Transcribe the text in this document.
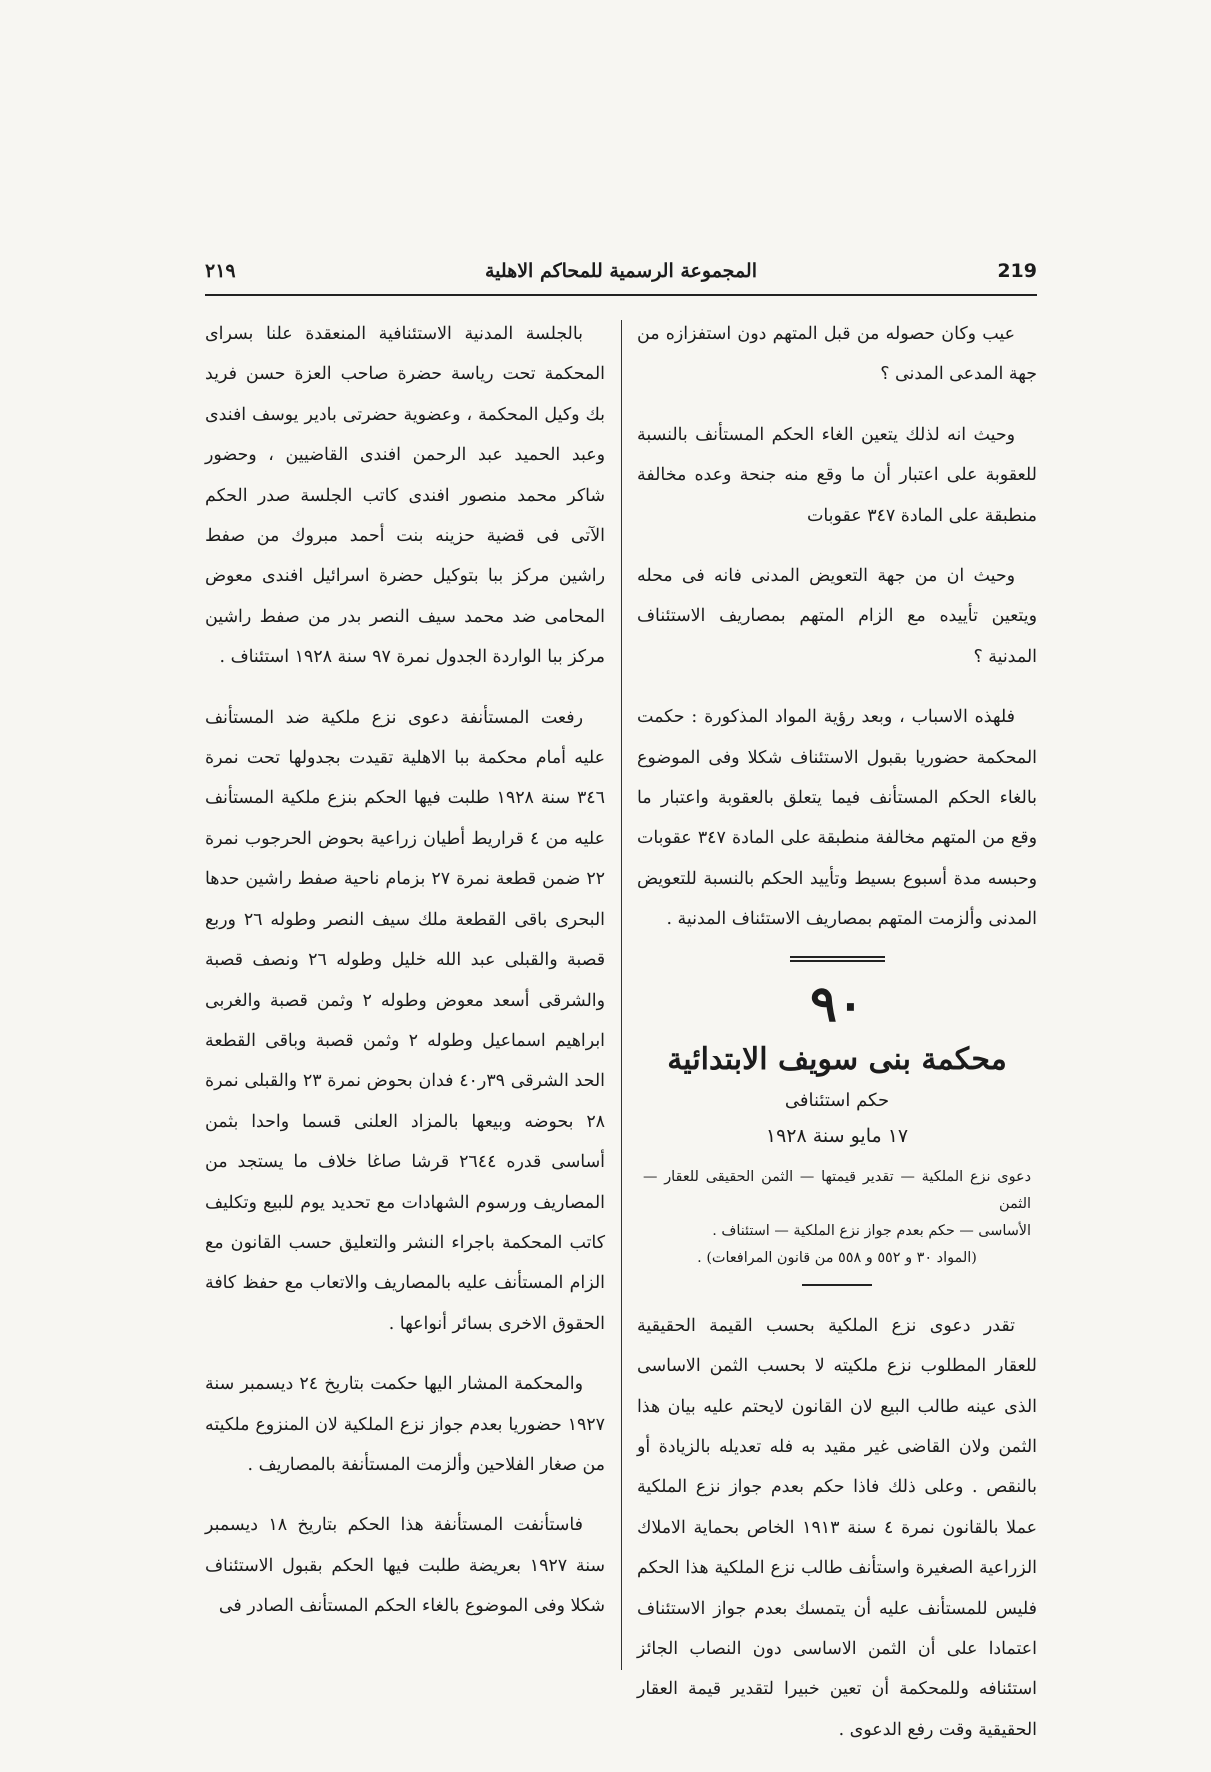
٢١٩	المجموعة الرسمية للمحاكم الاهلية	219

عيب وكان حصوله من قبل المتهم دون استفزازه من جهة المدعى المدنى ؟

وحيث انه لذلك يتعين الغاء الحكم المستأنف بالنسبة للعقوبة على اعتبار أن ما وقع منه جنحة وعده مخالفة منطبقة على المادة ٣٤٧ عقوبات

وحيث ان من جهة التعويض المدنى فانه فى محله ويتعين تأييده مع الزام المتهم بمصاريف الاستئناف المدنية ؟

فلهذه الاسباب ، وبعد رؤية المواد المذكورة : حكمت المحكمة حضوريا بقبول الاستئناف شكلا وفى الموضوع بالغاء الحكم المستأنف فيما يتعلق بالعقوبة واعتبار ما وقع من المتهم مخالفة منطبقة على المادة ٣٤٧ عقوبات وحبسه مدة أسبوع بسيط وتأييد الحكم بالنسبة للتعويض المدنى وألزمت المتهم بمصاريف الاستئناف المدنية .

٩٠
محكمة بنى سويف الابتدائية
حكم استئنافى
١٧ مايو سنة ١٩٢٨
دعوى نزع الملكية — تقدير قيمتها — الثمن الحقيقى للعقار — الثمن
الأساسى — حكم بعدم جواز نزع الملكية — استئناف .
(المواد ٣٠ و ٥٥٢ و ٥٥٨ من قانون المرافعات) .

تقدر دعوى نزع الملكية بحسب القيمة الحقيقية للعقار المطلوب نزع ملكيته لا بحسب الثمن الاساسى الذى عينه طالب البيع لان القانون لايحتم عليه بيان هذا الثمن ولان القاضى غير مقيد به فله تعديله بالزيادة أو بالنقص . وعلى ذلك فاذا حكم بعدم جواز نزع الملكية عملا بالقانون نمرة ٤ سنة ١٩١٣ الخاص بحماية الاملاك الزراعية الصغيرة واستأنف طالب نزع الملكية هذا الحكم فليس للمستأنف عليه أن يتمسك بعدم جواز الاستئناف اعتمادا على أن الثمن الاساسى دون النصاب الجائز استئنافه وللمحكمة أن تعين خبيرا لتقدير قيمة العقار الحقيقية وقت رفع الدعوى .

بالجلسة المدنية الاستئنافية المنعقدة علنا بسراى المحكمة تحت رياسة حضرة صاحب العزة حسن فريد بك وكيل المحكمة ، وعضوية حضرتى بادير يوسف افندى وعبد الحميد عبد الرحمن افندى القاضيين ، وحضور شاكر محمد منصور افندى كاتب الجلسة صدر الحكم الآتى فى قضية حزينه بنت أحمد مبروك من صفط راشين مركز ببا بتوكيل حضرة اسرائيل افندى معوض المحامى ضد محمد سيف النصر بدر من صفط راشين مركز ببا الواردة الجدول نمرة ٩٧ سنة ١٩٢٨ استئناف .

رفعت المستأنفة دعوى نزع ملكية ضد المستأنف عليه أمام محكمة ببا الاهلية تقيدت بجدولها تحت نمرة ٣٤٦ سنة ١٩٢٨ طلبت فيها الحكم بنزع ملكية المستأنف عليه من ٤ قراريط أطيان زراعية بحوض الحرجوب نمرة ٢٢ ضمن قطعة نمرة ٢٧ بزمام ناحية صفط راشين حدها البحرى باقى القطعة ملك سيف النصر وطوله ٢٦ وربع قصبة والقبلى عبد الله خليل وطوله ٢٦ ونصف قصبة والشرقى أسعد معوض وطوله ٢ وثمن قصبة والغربى ابراهيم اسماعيل وطوله ٢ وثمن قصبة وباقى القطعة الحد الشرقى ٣٩ر٤٠ فدان بحوض نمرة ٢٣ والقبلى نمرة ٢٨ بحوضه وبيعها بالمزاد العلنى قسما واحدا بثمن أساسى قدره ٢٦٤٤ قرشا صاغا خلاف ما يستجد من المصاريف ورسوم الشهادات مع تحديد يوم للبيع وتكليف كاتب المحكمة باجراء النشر والتعليق حسب القانون مع الزام المستأنف عليه بالمصاريف والاتعاب مع حفظ كافة الحقوق الاخرى بسائر أنواعها .

والمحكمة المشار اليها حكمت بتاريخ ٢٤ ديسمبر سنة ١٩٢٧ حضوريا بعدم جواز نزع الملكية لان المنزوع ملكيته من صغار الفلاحين وألزمت المستأنفة بالمصاريف .

فاستأنفت المستأنفة هذا الحكم بتاريخ ١٨ ديسمبر سنة ١٩٢٧ بعريضة طلبت فيها الحكم بقبول الاستئناف شكلا وفى الموضوع بالغاء الحكم المستأنف الصادر فى
